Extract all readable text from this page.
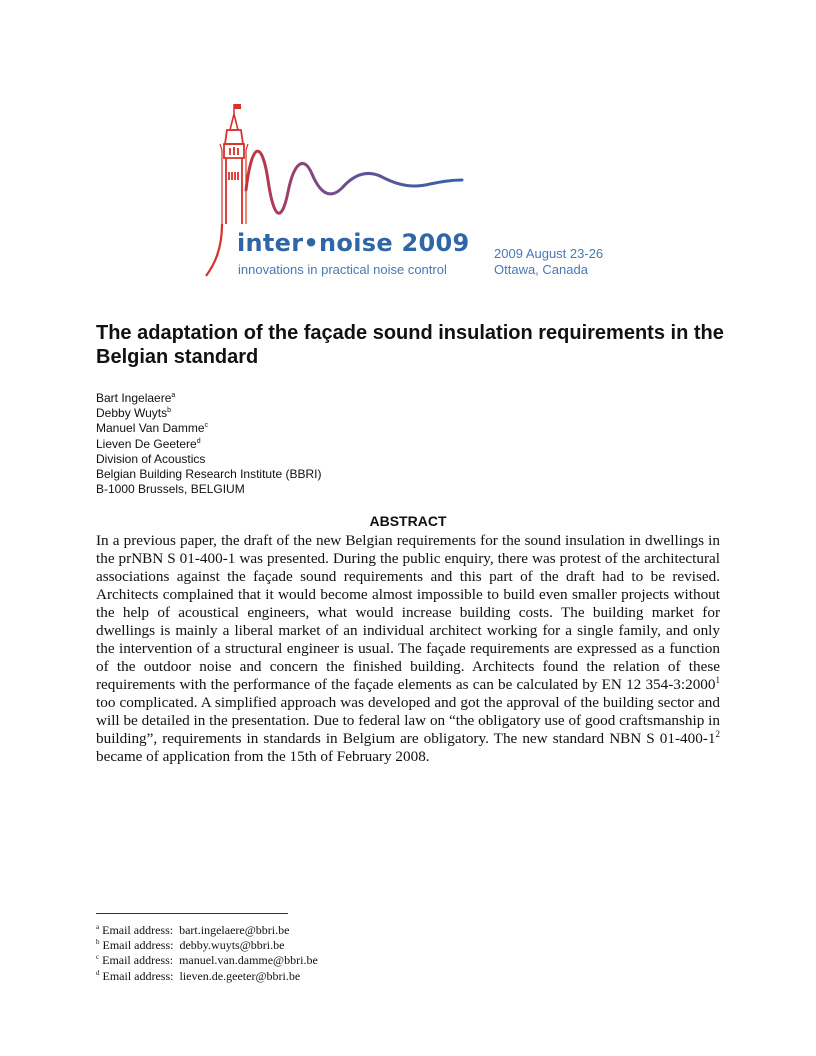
inter•noise 2009
innovations in practical noise control
2009 August 23-26
Ottawa, Canada
The adaptation of the façade sound insulation requirements in the Belgian standard
Bart Ingelaere$^a$
Debby Wuyts$^b$
Manuel Van Damme$^c$
Lieven De Geetere$^d$
Division of Acoustics
Belgian Building Research Institute (BBRI)
B-1000 Brussels, BELGIUM
ABSTRACT

In a previous paper, the draft of the new Belgian requirements for the sound insulation in dwellings in the prNBN S 01-400-1 was presented. During the public enquiry, there was protest of the architectural associations against the façade sound requirements and this part of the draft had to be revised. Architects complained that it would become almost impossible to build even smaller projects without the help of acoustical engineers, what would increase building costs. The building market for dwellings is mainly a liberal market of an individual architect working for a single family, and only the intervention of a structural engineer is usual. The façade requirements are expressed as a function of the outdoor noise and concern the finished building. Architects found the relation of these requirements with the performance of the façade elements as can be calculated by EN 12 354-3:2000$^1$ too complicated. A simplified approach was developed and got the approval of the building sector and will be detailed in the presentation. Due to federal law on “the obligatory use of good craftsmanship in building”, requirements in standards in Belgium are obligatory. The new standard NBN S $01-400-1^2$ became of application from the 15th of February 2008.

$^a$ Email address: bart.ingelaere@bbri.be
$^b$ Email address: debby.wuyts@bbri.be
$^c$ Email address: manuel.van.damme@bbri.be
$^d$ Email address: lieven.de.geeter@bbri.be
